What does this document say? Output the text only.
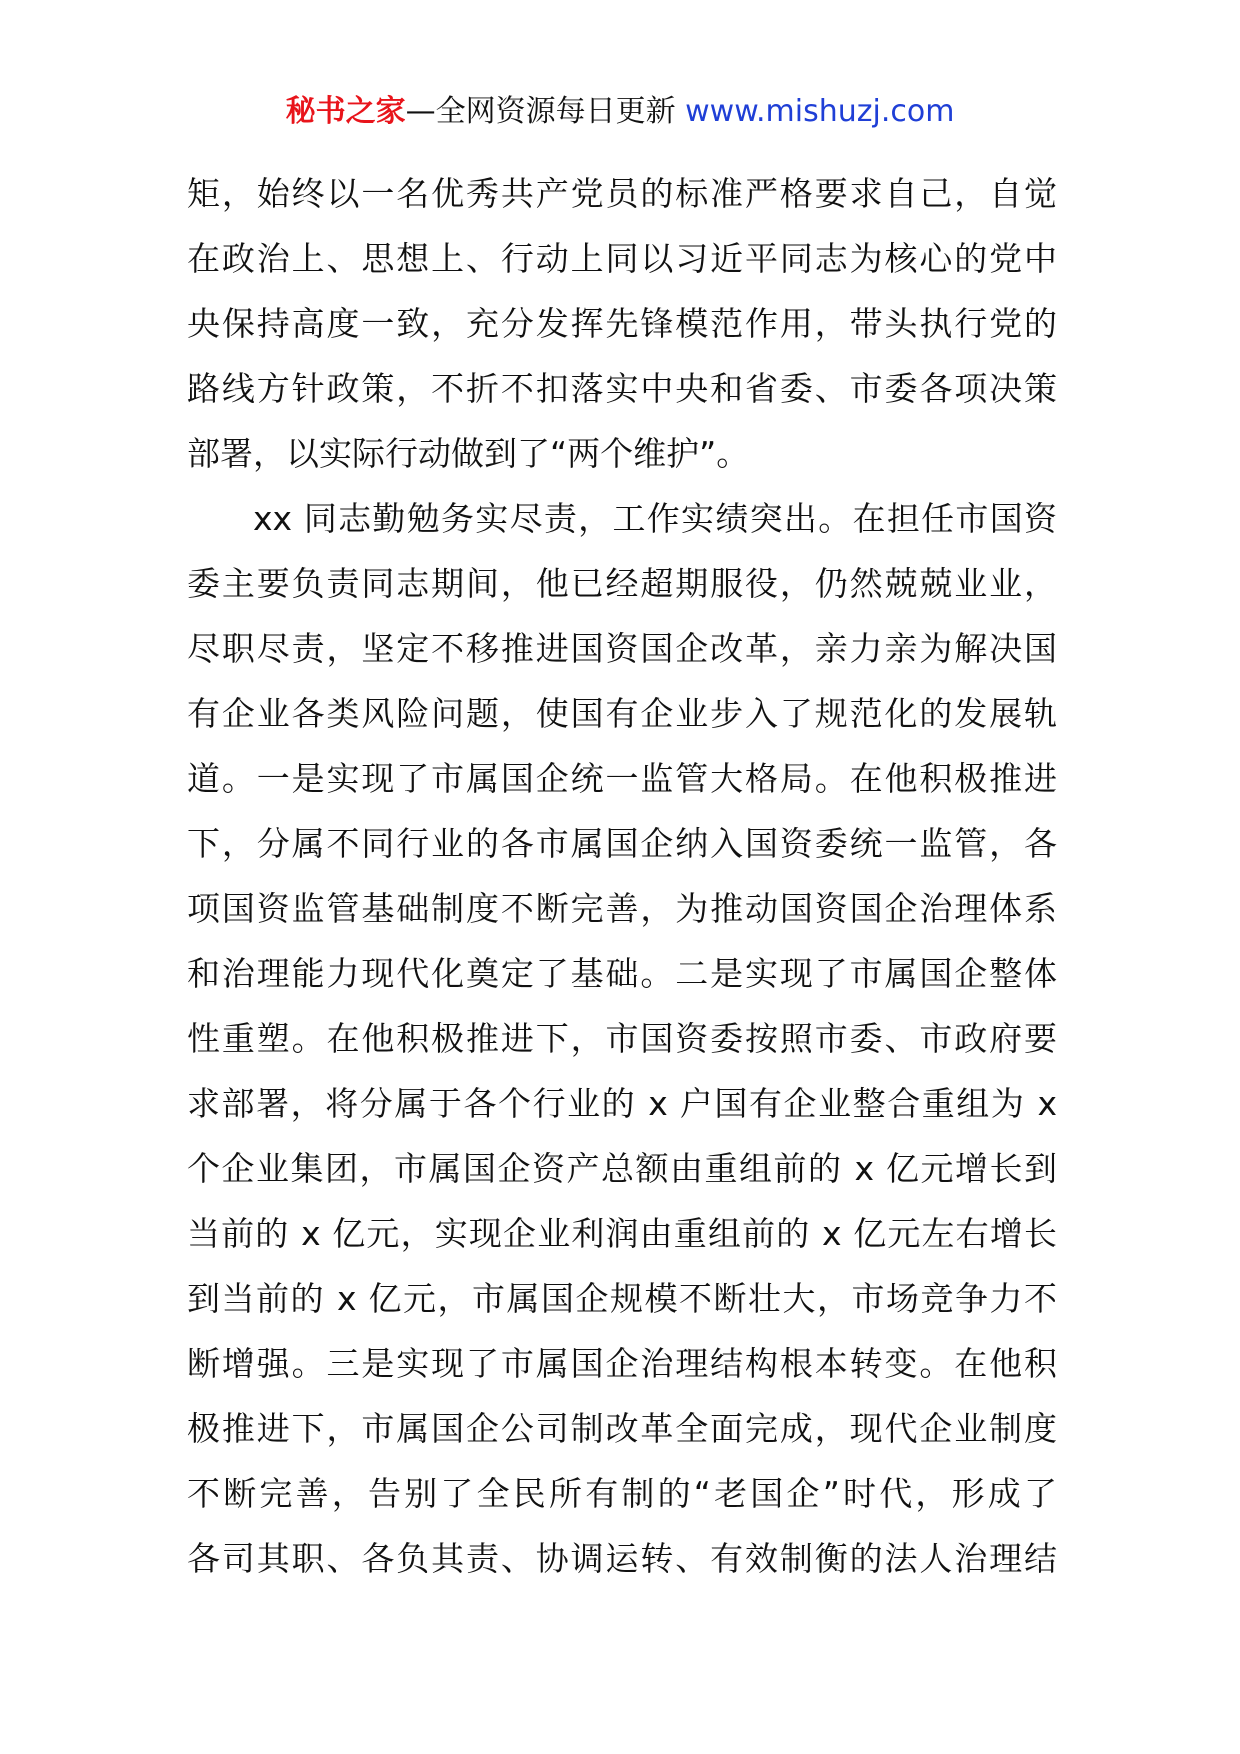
秘书之家—全网资源每日更新 www.mishuzj.com
矩，始终以一名优秀共产党员的标准严格要求自己，自觉
在政治上、思想上、行动上同以习近平同志为核心的党中
央保持高度一致，充分发挥先锋模范作用，带头执行党的
路线方针政策，不折不扣落实中央和省委、市委各项决策
部署，以实际行动做到了“两个维护”。
xx 同志勤勉务实尽责，工作实绩突出。在担任市国资
委主要负责同志期间，他已经超期服役，仍然兢兢业业，
尽职尽责，坚定不移推进国资国企改革，亲力亲为解决国
有企业各类风险问题，使国有企业步入了规范化的发展轨
道。一是实现了市属国企统一监管大格局。在他积极推进
下，分属不同行业的各市属国企纳入国资委统一监管，各
项国资监管基础制度不断完善，为推动国资国企治理体系
和治理能力现代化奠定了基础。二是实现了市属国企整体
性重塑。在他积极推进下，市国资委按照市委、市政府要
求部署，将分属于各个行业的 x 户国有企业整合重组为 x
个企业集团，市属国企资产总额由重组前的 x 亿元增长到
当前的 x 亿元，实现企业利润由重组前的 x 亿元左右增长
到当前的 x 亿元，市属国企规模不断壮大，市场竞争力不
断增强。三是实现了市属国企治理结构根本转变。在他积
极推进下，市属国企公司制改革全面完成，现代企业制度
不断完善，告别了全民所有制的“老国企”时代，形成了
各司其职、各负其责、协调运转、有效制衡的法人治理结
